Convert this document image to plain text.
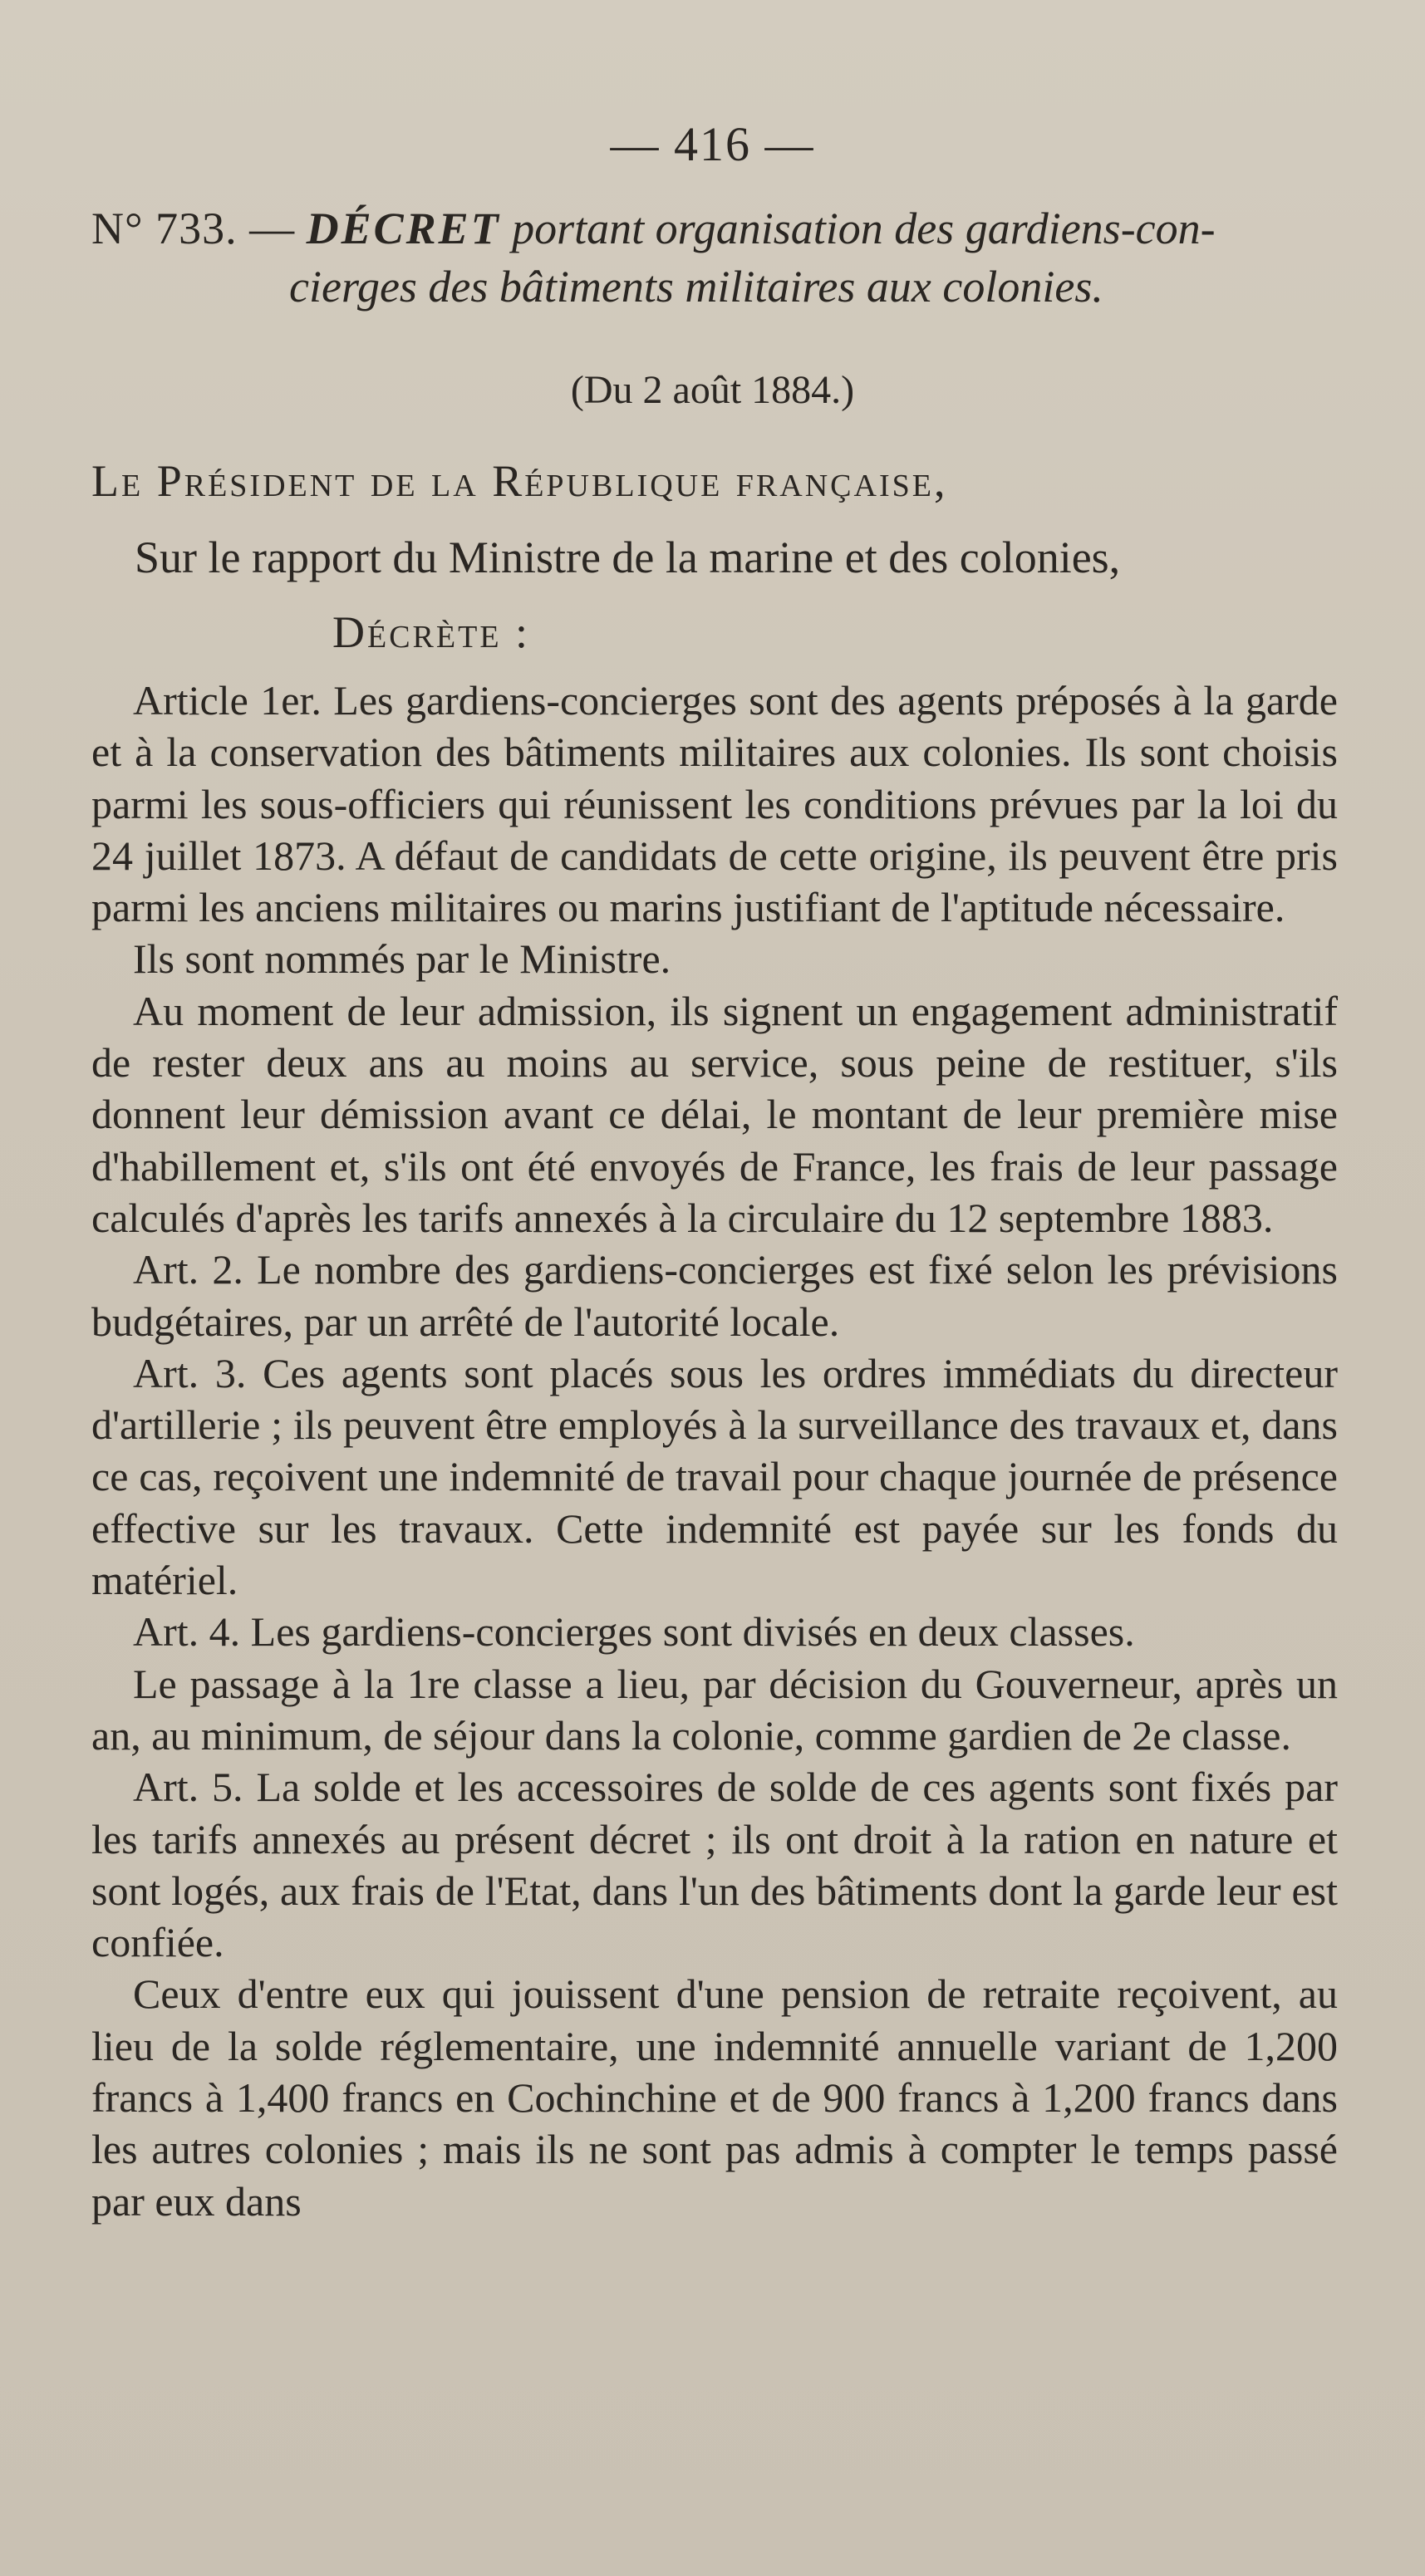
— 416 —
N° 733. — DÉCRET portant organisation des gardiens-con-
cierges des bâtiments militaires aux colonies.
(Du 2 août 1884.)
Le Président de la République française,
Sur le rapport du Ministre de la marine et des colonies,
Décrète :

Article 1er. Les gardiens-concierges sont des agents préposés à la garde et à la conservation des bâtiments militaires aux colonies. Ils sont choisis parmi les sous-officiers qui réunissent les conditions prévues par la loi du 24 juillet 1873. A défaut de candidats de cette origine, ils peuvent être pris parmi les anciens militaires ou marins justifiant de l'aptitude nécessaire.

Ils sont nommés par le Ministre.

Au moment de leur admission, ils signent un engagement administratif de rester deux ans au moins au service, sous peine de restituer, s'ils donnent leur démission avant ce délai, le montant de leur première mise d'habillement et, s'ils ont été envoyés de France, les frais de leur passage calculés d'après les tarifs annexés à la circulaire du 12 septembre 1883.

Art. 2. Le nombre des gardiens-concierges est fixé selon les prévisions budgétaires, par un arrêté de l'autorité locale.

Art. 3. Ces agents sont placés sous les ordres immédiats du directeur d'artillerie ; ils peuvent être employés à la surveillance des travaux et, dans ce cas, reçoivent une indemnité de travail pour chaque journée de présence effective sur les travaux. Cette indemnité est payée sur les fonds du matériel.

Art. 4. Les gardiens-concierges sont divisés en deux classes.

Le passage à la 1re classe a lieu, par décision du Gouverneur, après un an, au minimum, de séjour dans la colonie, comme gardien de 2e classe.

Art. 5. La solde et les accessoires de solde de ces agents sont fixés par les tarifs annexés au présent décret ; ils ont droit à la ration en nature et sont logés, aux frais de l'Etat, dans l'un des bâtiments dont la garde leur est confiée.

Ceux d'entre eux qui jouissent d'une pension de retraite reçoivent, au lieu de la solde réglementaire, une indemnité annuelle variant de 1,200 francs à 1,400 francs en Cochinchine et de 900 francs à 1,200 francs dans les autres colonies ; mais ils ne sont pas admis à compter le temps passé par eux dans
